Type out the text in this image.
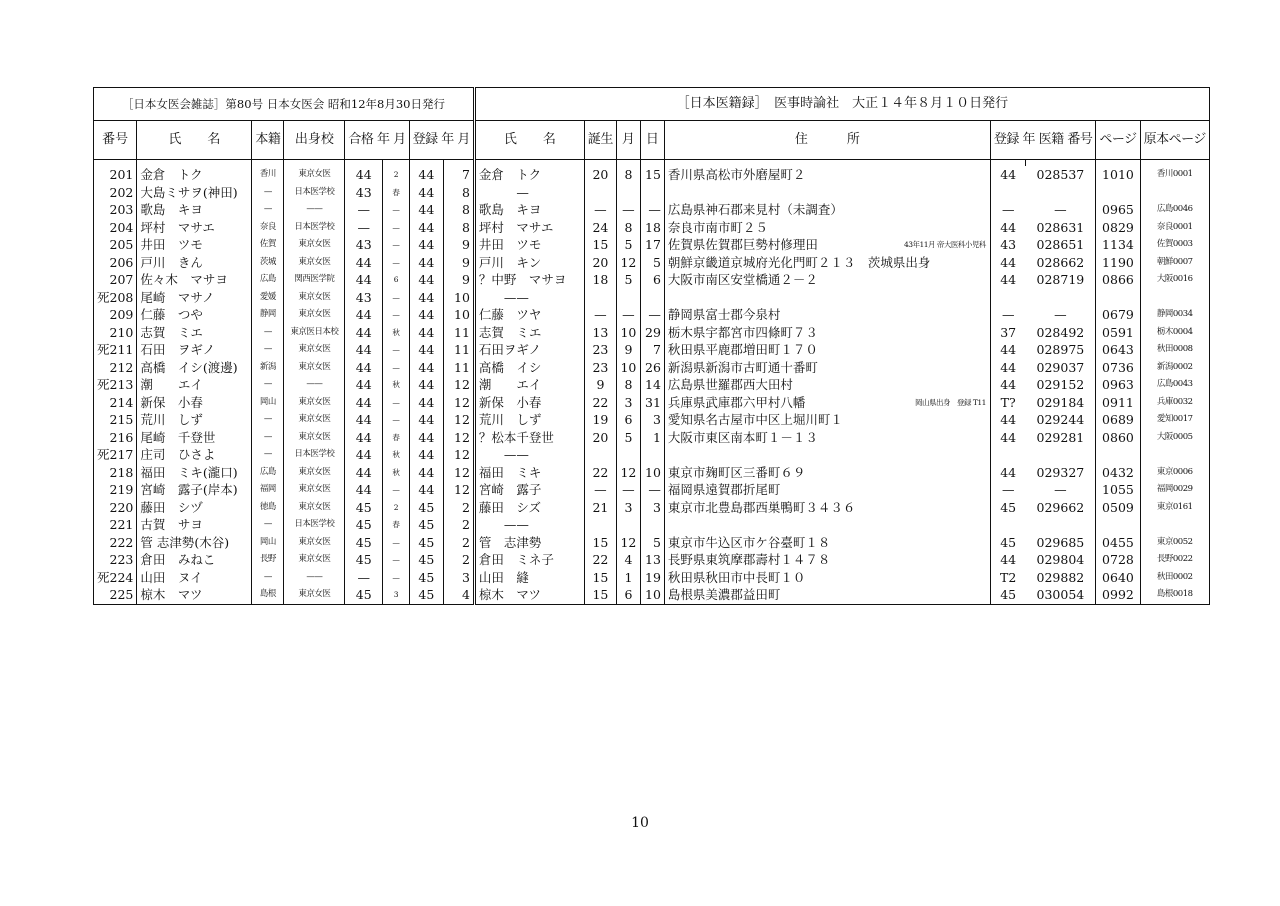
［日本女医会雑誌］第80号 日本女医会 昭和12年8月30日発行								［日本医籍録］　医事時論社　大正１４年８月１０日発行								
番号	氏　　名	本籍	出身校	合格 年 月		登録 年 月		氏　　名	誕生	月	日	住　　　所	登録 年 医籍 番号		ページ	原本ページ

201	金倉　トク	香川	東京女医	44	2	44	7	金倉　トク	20	8	15	香川県高松市外磨屋町２	44	028537	1010	香川0001
202	大島ミサヲ(神田)	—	日本医学校	43	春	44	8	　　　—								
203	歌島　キヨ	—	——	—	—	44	8	歌島　キヨ	—	—	—	広島県神石郡来見村（未調査）	—	—	0965	広島0046
204	坪村　マサエ	奈良	日本医学校	—	—	44	8	坪村　マサエ	24	8	18	奈良市南市町２５	44	028631	0829	奈良0001
205	井田　ツモ	佐賀	東京女医	43	—	44	9	井田　ツモ	15	5	17	佐賀県佐賀郡巨勢村修理田 43年11月 帝大医科小児科	43	028651	1134	佐賀0003
206	戸川　きん	茨城	東京女医	44	—	44	9	戸川　キン	20	12	5	朝鮮京畿道京城府光化門町２１３　茨城県出身	44	028662	1190	朝鮮0007
207	佐々木　マサヨ	広島	関西医学院	44	6	44	9	？中野　マサヨ	18	5	6	大阪市南区安堂橋通２－２	44	028719	0866	大阪0016
死208	尾崎　マサノ	愛媛	東京女医	43	—	44	10	　　——								
209	仁藤　つや	静岡	東京女医	44	—	44	10	仁藤　ツヤ	—	—	—	静岡県富士郡今泉村	—	—	0679	静岡0034
210	志賀　ミエ	—	東京医日本校	44	秋	44	11	志賀　ミエ	13	10	29	栃木県宇都宮市四條町７３	37	028492	0591	栃木0004
死211	石田　ヲギノ	—	東京女医	44	—	44	11	石田ヲギノ	23	9	7	秋田県平鹿郡増田町１７０	44	028975	0643	秋田0008
212	高橋　イシ(渡邊)	新潟	東京女医	44	—	44	11	高橋　イシ	23	10	26	新潟県新潟市古町通十番町	44	029037	0736	新潟0002
死213	潮　　エイ	—	——	44	秋	44	12	潮　　エイ	9	8	14	広島県世羅郡西大田村	44	029152	0963	広島0043
214	新保　小春	岡山	東京女医	44	—	44	12	新保　小春	22	3	31	兵庫県武庫郡六甲村八幡 岡山県出身　登録 T11	T?	029184	0911	兵庫0032
215	荒川　しず	—	東京女医	44	—	44	12	荒川　しず	19	6	3	愛知県名古屋市中区上堀川町１	44	029244	0689	愛知0017
216	尾崎　千登世	—	東京女医	44	春	44	12	？松本千登世	20	5	1	大阪市東区南本町１－１３	44	029281	0860	大阪0005
死217	庄司　ひさよ	—	日本医学校	44	秋	44	12	　　——								
218	福田　ミキ(瀧口)	広島	東京女医	44	秋	44	12	福田　ミキ	22	12	10	東京市麹町区三番町６９	44	029327	0432	東京0006
219	宮崎　露子(岸本)	福岡	東京女医	44	—	44	12	宮崎　露子	—	—	—	福岡県遠賀郡折尾町	—	—	1055	福岡0029
220	藤田　シヅ	徳島	東京女医	45	2	45	2	藤田　シズ	21	3	3	東京市北豊島郡西巣鴨町３４３６	45	029662	0509	東京0161
221	古賀　サヨ	—	日本医学校	45	春	45	2	　　——								
222	管 志津勢(木谷)	岡山	東京女医	45	—	45	2	管　志津勢	15	12	5	東京市牛込区市ケ谷臺町１８	45	029685	0455	東京0052
223	倉田　みねこ	長野	東京女医	45	—	45	2	倉田　ミネ子	22	4	13	長野県東筑摩郡壽村１４７８	44	029804	0728	長野0022
死224	山田　ヌイ	—	——	—	—	45	3	山田　縫	15	1	19	秋田県秋田市中長町１０	T2	029882	0640	秋田0002
225	椋木　マツ	島根	東京女医	45	3	45	4	椋木　マツ	15	6	10	島根県美濃郡益田町	45	030054	0992	島根0018
10
